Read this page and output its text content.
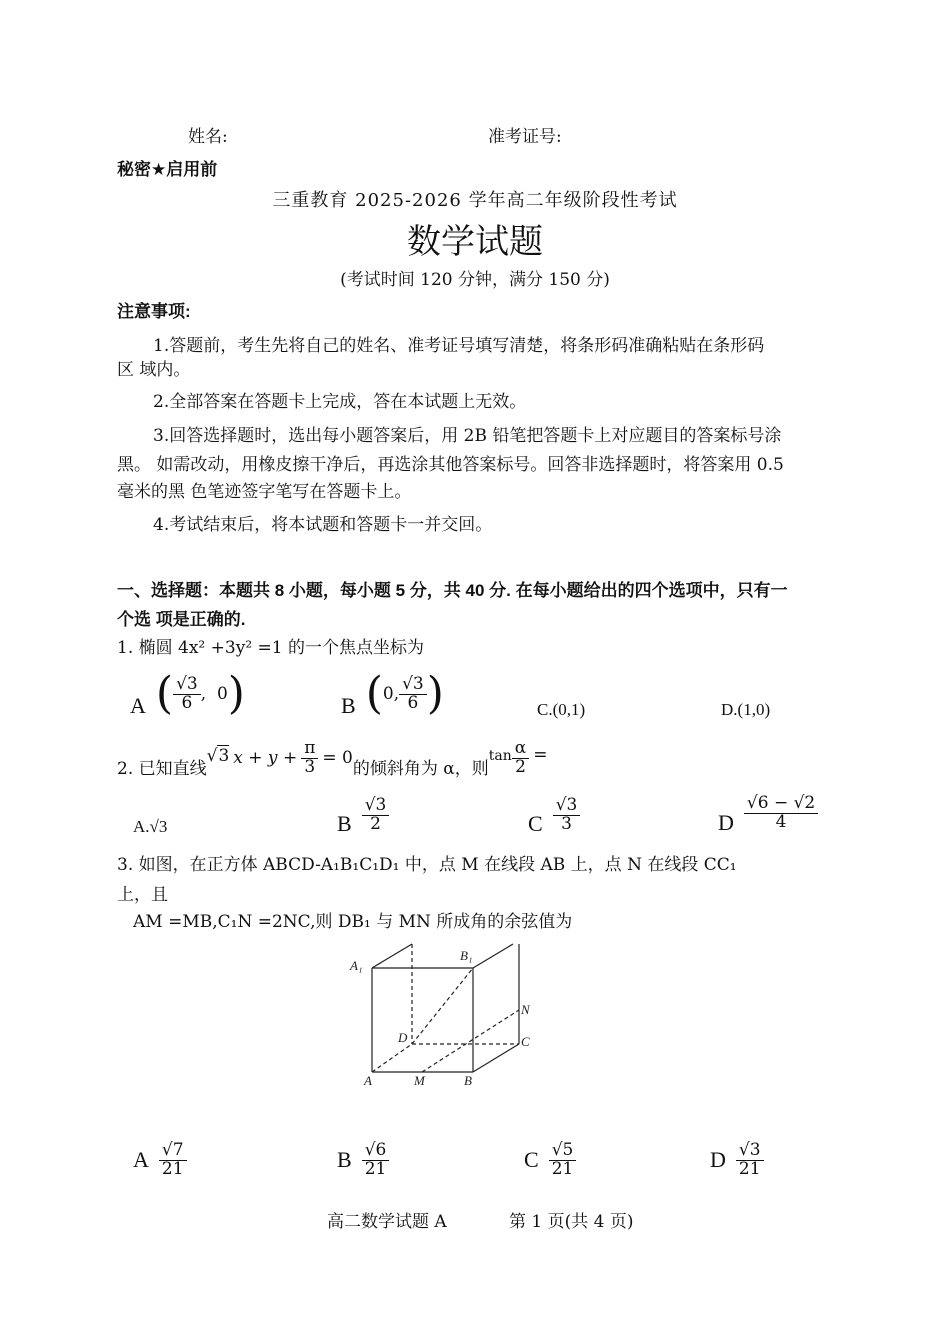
姓名:	准考证号:
秘密★启用前
三重教育 2025-2026 学年高二年级阶段性考试
数学试题
(考试时间 120 分钟，满分 150 分)
注意事项:
1.答题前，考生先将自己的姓名、准考证号填写清楚，将条形码准确粘贴在条形码
区 域内。
2.全部答案在答题卡上完成，答在本试题上无效。
3.回答选择题时，选出每小题答案后，用 2B 铅笔把答题卡上对应题目的答案标号涂
黑。 如需改动，用橡皮擦干净后，再选涂其他答案标号。回答非选择题时，将答案用 0.5
毫米的黑 色笔迹签字笔写在答题卡上。
4.考试结束后，将本试题和答题卡一并交回。
一、选择题：本题共 8 小题，每小题 5 分，共 40 分. 在每小题给出的四个选项中，只有一
个选 项是正确的.
1. 椭圆 4x² +3y² =1 的一个焦点坐标为
A ( $\frac{√3}{6}$ , 0 )	B ( 0 , $\frac{√3}{6}$ )	C.(0,1)	D.(1,0)
2. 已知直线
√3 $x + y + \frac{\pi}{3} = 0$
的倾斜角为 α，则
$\tan \frac{\alpha}{2}$ =
A.√3	B $\frac{√3}{2}$	C $\frac{√3}{3}$	D $\frac{√6 - √2}{4}$
3. 如图，在正方体 ABCD-A₁B₁C₁D₁ 中，点 M 在线段 AB 上，点 N 在线段 CC₁
上，且
AM =MB,C₁N =2NC,则 DB₁ 与 MN 所成角的余弦值为
A₁
B₁
N
D	C
A	M	B
A $\frac{√7}{21}$	B $\frac{√6}{21}$	C $\frac{√5}{21}$	D $\frac{√3}{21}$
高二数学试题 A	第 1 页(共 4 页)
